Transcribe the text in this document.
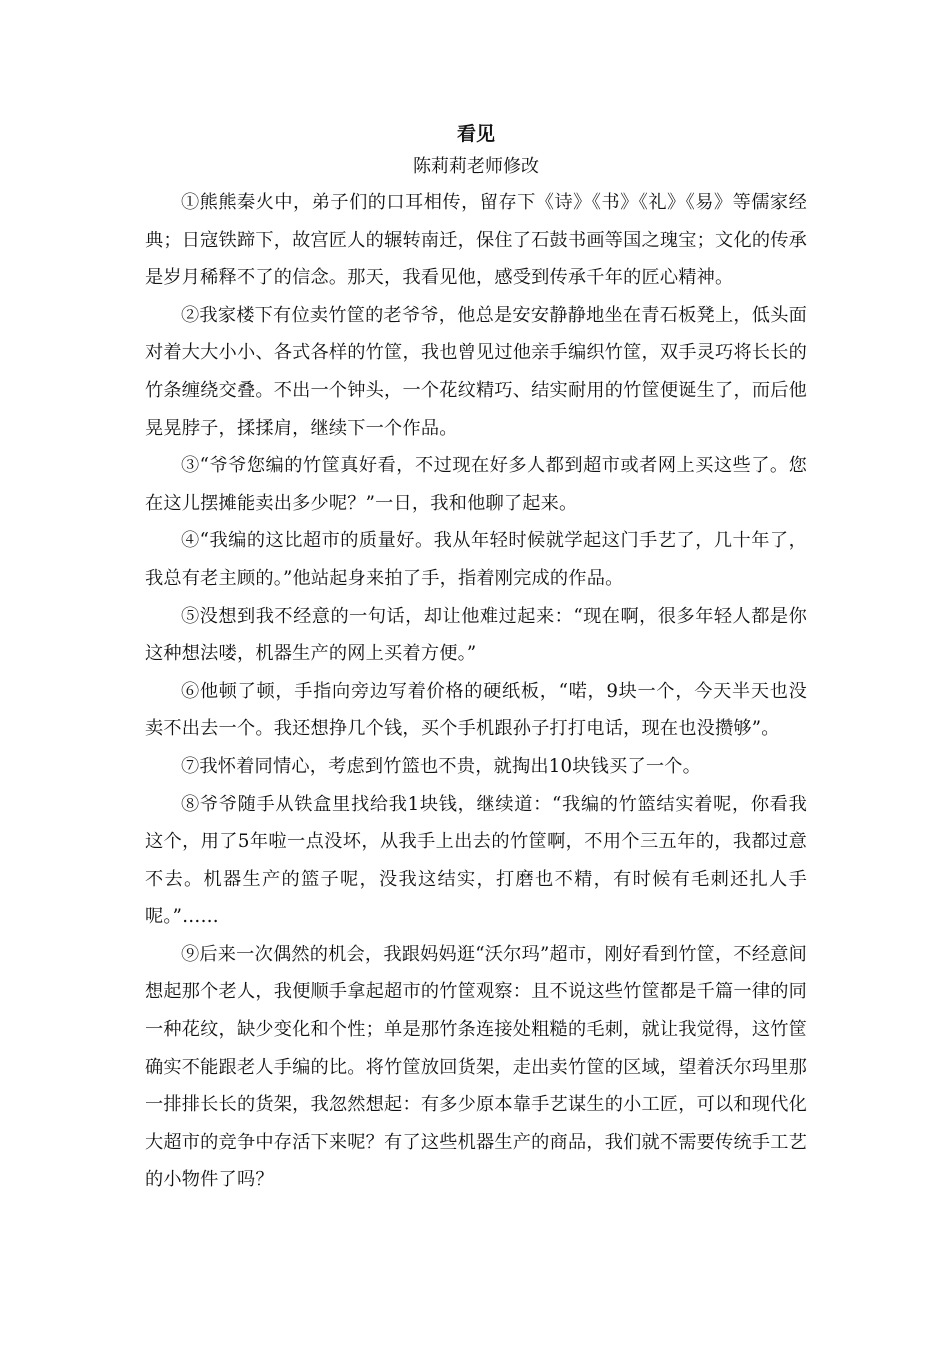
看见
陈莉莉老师修改

①熊熊秦火中，弟子们的口耳相传，留存下《诗》《书》《礼》《易》等儒家经典；日寇铁蹄下，故宫匠人的辗转南迁，保住了石鼓书画等国之瑰宝；文化的传承是岁月稀释不了的信念。那天，我看见他，感受到传承千年的匠心精神。

②我家楼下有位卖竹筐的老爷爷，他总是安安静静地坐在青石板凳上，低头面对着大大小小、各式各样的竹筐，我也曾见过他亲手编织竹筐，双手灵巧将长长的竹条缠绕交叠。不出一个钟头，一个花纹精巧、结实耐用的竹筐便诞生了，而后他晃晃脖子，揉揉肩，继续下一个作品。

③“爷爷您编的竹筐真好看，不过现在好多人都到超市或者网上买这些了。您在这儿摆摊能卖出多少呢？”一日，我和他聊了起来。

④“我编的这比超市的质量好。我从年轻时候就学起这门手艺了，几十年了，我总有老主顾的。”他站起身来拍了手，指着刚完成的作品。

⑤没想到我不经意的一句话，却让他难过起来：“现在啊，很多年轻人都是你这种想法喽，机器生产的网上买着方便。”

⑥他顿了顿，手指向旁边写着价格的硬纸板，“喏，9块一个，今天半天也没卖不出去一个。我还想挣几个钱，买个手机跟孙子打打电话，现在也没攒够”。

⑦我怀着同情心，考虑到竹篮也不贵，就掏出10块钱买了一个。

⑧爷爷随手从铁盒里找给我1块钱，继续道：“我编的竹篮结实着呢，你看我这个，用了5年啦一点没坏，从我手上出去的竹筐啊，不用个三五年的，我都过意不去。机器生产的篮子呢，没我这结实，打磨也不精，有时候有毛刺还扎人手呢。”……

⑨后来一次偶然的机会，我跟妈妈逛“沃尔玛”超市，刚好看到竹筐，不经意间想起那个老人，我便顺手拿起超市的竹筐观察：且不说这些竹筐都是千篇一律的同一种花纹，缺少变化和个性；单是那竹条连接处粗糙的毛刺，就让我觉得，这竹筐确实不能跟老人手编的比。将竹筐放回货架，走出卖竹筐的区域，望着沃尔玛里那一排排长长的货架，我忽然想起：有多少原本靠手艺谋生的小工匠，可以和现代化大超市的竞争中存活下来呢？有了这些机器生产的商品，我们就不需要传统手工艺的小物件了吗？
